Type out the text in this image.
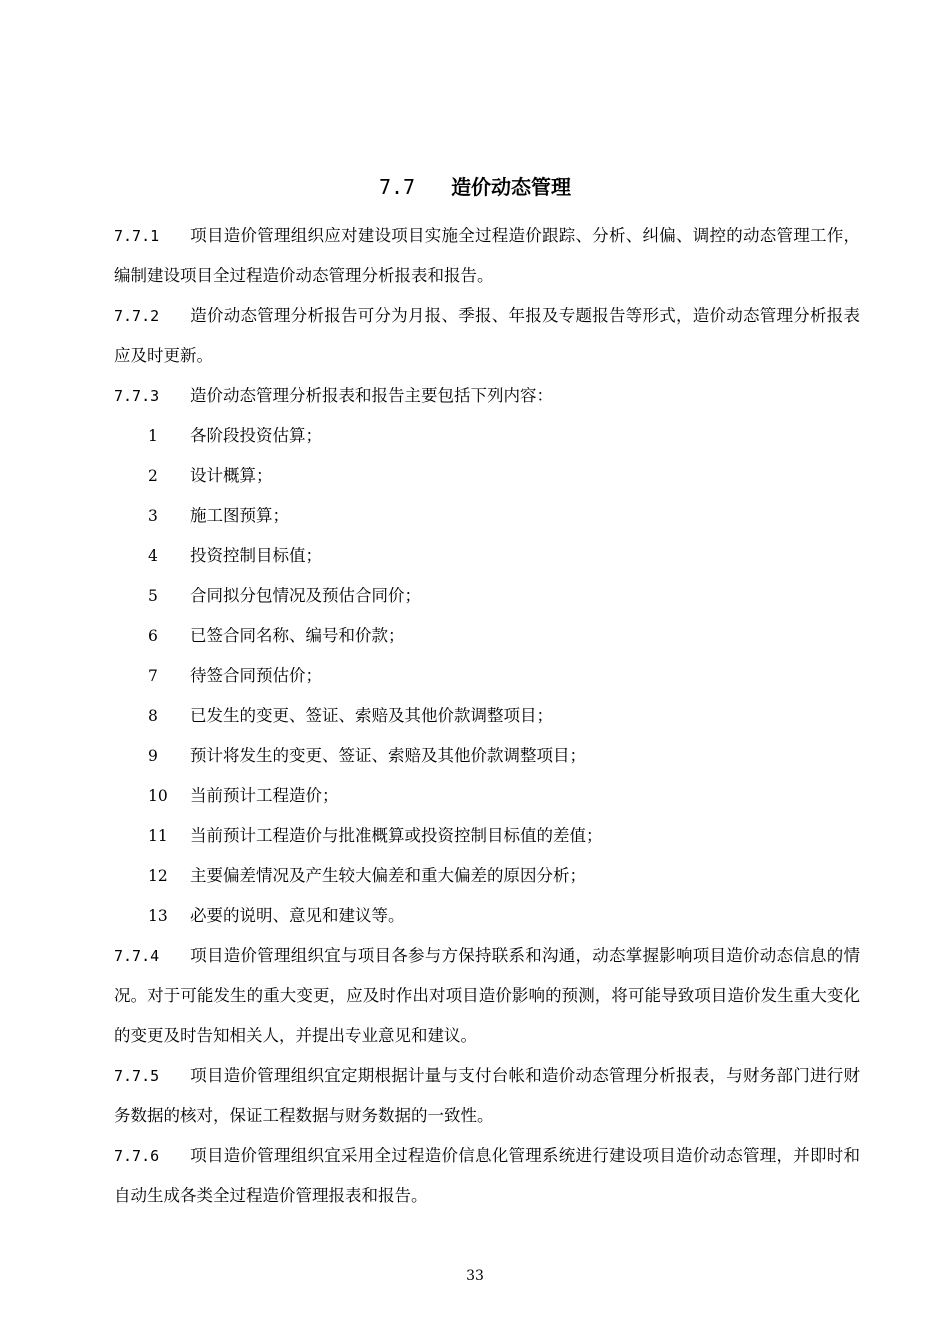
7.7 造价动态管理

7.7.1 项目造价管理组织应对建设项目实施全过程造价跟踪、分析、纠偏、调控的动态管理工作，编制建设项目全过程造价动态管理分析报表和报告。

7.7.2 造价动态管理分析报告可分为月报、季报、年报及专题报告等形式，造价动态管理分析报表应及时更新。

7.7.3 造价动态管理分析报表和报告主要包括下列内容：

1 各阶段投资估算；

2 设计概算；

3 施工图预算；

4 投资控制目标值；

5 合同拟分包情况及预估合同价；

6 已签合同名称、编号和价款；

7 待签合同预估价；

8 已发生的变更、签证、索赔及其他价款调整项目；

9 预计将发生的变更、签证、索赔及其他价款调整项目；

10 当前预计工程造价；

11 当前预计工程造价与批准概算或投资控制目标值的差值；

12 主要偏差情况及产生较大偏差和重大偏差的原因分析；

13 必要的说明、意见和建议等。

7.7.4 项目造价管理组织宜与项目各参与方保持联系和沟通，动态掌握影响项目造价动态信息的情况。对于可能发生的重大变更，应及时作出对项目造价影响的预测，将可能导致项目造价发生重大变化的变更及时告知相关人，并提出专业意见和建议。

7.7.5 项目造价管理组织宜定期根据计量与支付台帐和造价动态管理分析报表，与财务部门进行财务数据的核对，保证工程数据与财务数据的一致性。

7.7.6 项目造价管理组织宜采用全过程造价信息化管理系统进行建设项目造价动态管理，并即时和自动生成各类全过程造价管理报表和报告。

33
